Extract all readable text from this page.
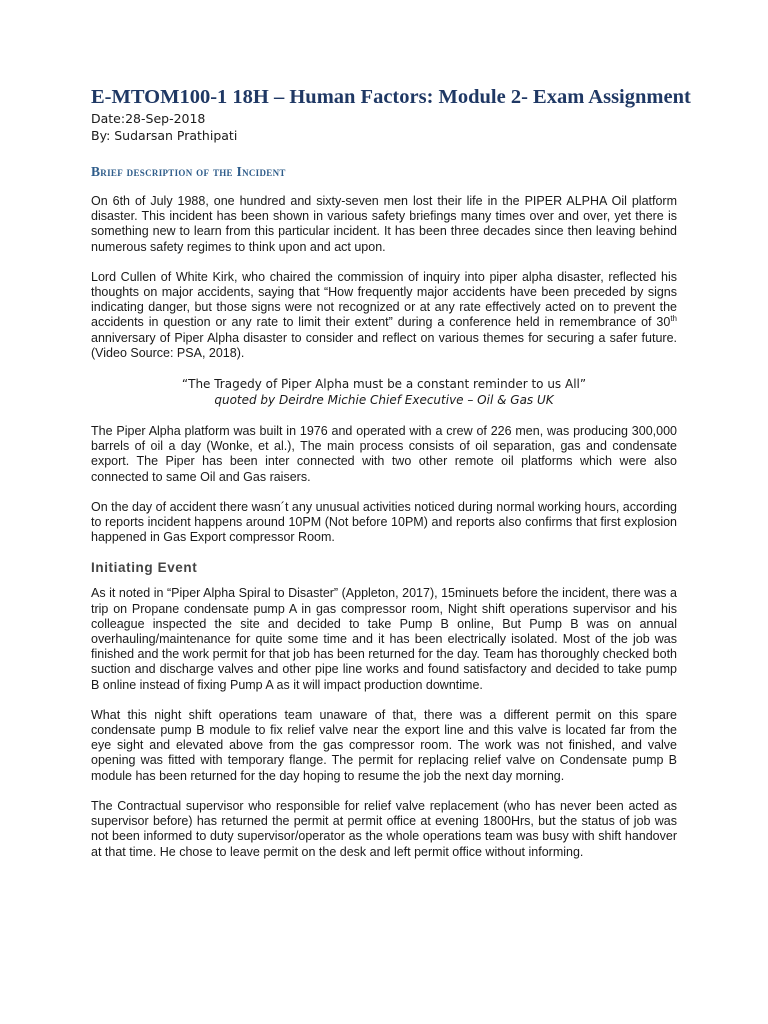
E-MTOM100-1 18H – Human Factors: Module 2- Exam Assignment

Date:28-Sep-2018

By: Sudarsan Prathipati

Brief description of the Incident

On 6th of July 1988, one hundred and sixty-seven men lost their life in the PIPER ALPHA Oil platform disaster. This incident has been shown in various safety briefings many times over and over, yet there is something new to learn from this particular incident. It has been three decades since then leaving behind numerous safety regimes to think upon and act upon.

Lord Cullen of White Kirk, who chaired the commission of inquiry into piper alpha disaster, reflected his thoughts on major accidents, saying that “How frequently major accidents have been preceded by signs indicating danger, but those signs were not recognized or at any rate effectively acted on to prevent the accidents in question or any rate to limit their extent” during a conference held in remembrance of 30th anniversary of Piper Alpha disaster to consider and reflect on various themes for securing a safer future. (Video Source: PSA, 2018).

“The Tragedy of Piper Alpha must be a constant reminder to us All”

quoted by Deirdre Michie Chief Executive – Oil & Gas UK

The Piper Alpha platform was built in 1976 and operated with a crew of 226 men, was producing 300,000 barrels of oil a day (Wonke, et al.), The main process consists of oil separation, gas and condensate export. The Piper has been inter connected with two other remote oil platforms which were also connected to same Oil and Gas raisers.

On the day of accident there wasn´t any unusual activities noticed during normal working hours, according to reports incident happens around 10PM (Not before 10PM) and reports also confirms that first explosion happened in Gas Export compressor Room.

Initiating Event

As it noted in “Piper Alpha Spiral to Disaster” (Appleton, 2017), 15minuets before the incident, there was a trip on Propane condensate pump A in gas compressor room, Night shift operations supervisor and his colleague inspected the site and decided to take Pump B online, But Pump B was on annual overhauling/maintenance for quite some time and it has been electrically isolated. Most of the job was finished and the work permit for that job has been returned for the day. Team has thoroughly checked both suction and discharge valves and other pipe line works and found satisfactory and decided to take pump B online instead of fixing Pump A as it will impact production downtime.

What this night shift operations team unaware of that, there was a different permit on this spare condensate pump B module to fix relief valve near the export line and this valve is located far from the eye sight and elevated above from the gas compressor room. The work was not finished, and valve opening was fitted with temporary flange. The permit for replacing relief valve on Condensate pump B module has been returned for the day hoping to resume the job the next day morning.

The Contractual supervisor who responsible for relief valve replacement (who has never been acted as supervisor before) has returned the permit at permit office at evening 1800Hrs, but the status of job was not been informed to duty supervisor/operator as the whole operations team was busy with shift handover at that time. He chose to leave permit on the desk and left permit office without informing.
